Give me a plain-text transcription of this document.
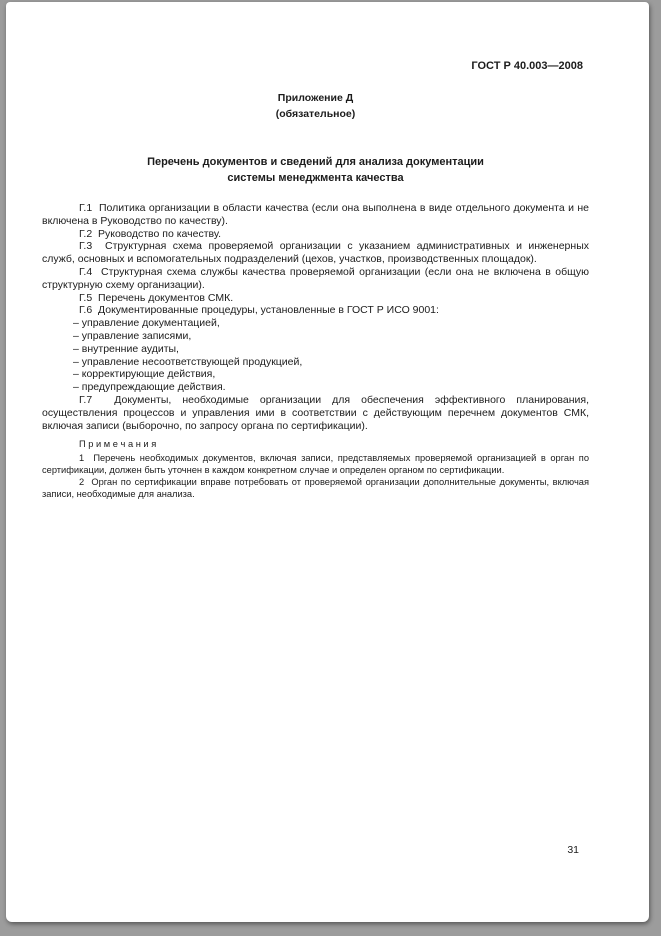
ГОСТ Р 40.003—2008
Приложение Д
(обязательное)
Перечень документов и сведений для анализа документации
системы менеджмента качества

Г.1  Политика организации в области качества (если она выполнена в виде отдельного документа и не включена в Руководство по качеству).

Г.2  Руководство по качеству.

Г.3  Структурная схема проверяемой организации с указанием административных и инженерных служб, основных и вспомогательных подразделений (цехов, участков, производственных площадок).

Г.4  Структурная схема службы качества проверяемой организации (если она не включена в общую структурную схему организации).

Г.5  Перечень документов СМК.

Г.6  Документированные процедуры, установленные в ГОСТ Р ИСО 9001:

– управление документацией,

– управление записями,

– внутренние аудиты,

– управление несоответствующей продукцией,

– корректирующие действия,

– предупреждающие действия.

Г.7  Документы, необходимые организации для обеспечения эффективного планирования, осуществления процессов и управления ими в соответствии с действующим перечнем документов СМК, включая записи (выборочно, по запросу органа по сертификации).

П р и м е ч а н и я

1  Перечень необходимых документов, включая записи, представляемых проверяемой организацией в орган по сертификации, должен быть уточнен в каждом конкретном случае и определен органом по сертификации.

2  Орган по сертификации вправе потребовать от проверяемой организации дополнительные документы, включая записи, необходимые для анализа.

31
